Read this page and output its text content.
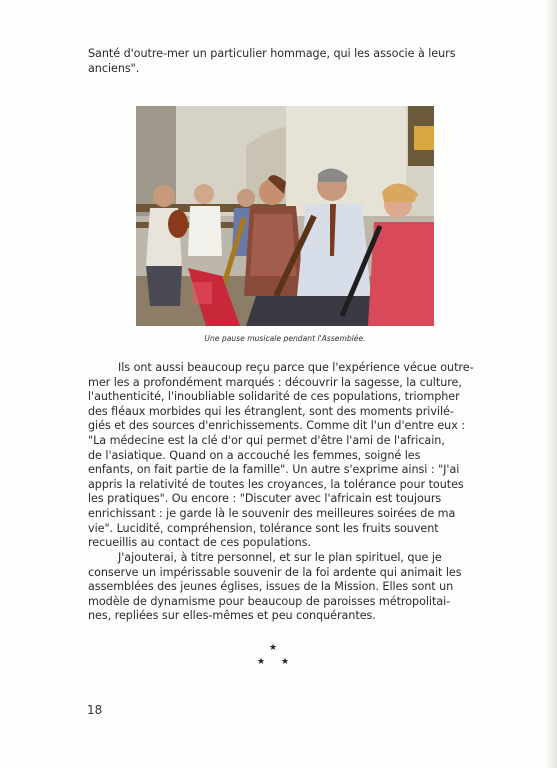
Santé d'outre-mer un particulier hommage, qui les associe à leurs
anciens".
Une pause musicale pendant l'Assemblée.
Ils ont aussi beaucoup reçu parce que l'expérience vécue outre-
mer les a profondément marqués : découvrir la sagesse, la culture,
l'authenticité, l'inoubliable solidarité de ces populations, triompher
des fléaux morbides qui les étranglent, sont des moments privilé-
giés et des sources d'enrichissements. Comme dit l'un d'entre eux :
"La médecine est la clé d'or qui permet d'être l'ami de l'africain,
de l'asiatique. Quand on a accouché les femmes, soigné les
enfants, on fait partie de la famille". Un autre s'exprime ainsi : "J'ai
appris la relativité de toutes les croyances, la tolérance pour toutes
les pratiques". Ou encore : "Discuter avec l'africain est toujours
enrichissant : je garde là le souvenir des meilleures soirées de ma
vie". Lucidité, compréhension, tolérance sont les fruits souvent
recueillis au contact de ces populations.
J'ajouterai, à titre personnel, et sur le plan spirituel, que je
conserve un impérissable souvenir de la foi ardente qui animait les
assemblées des jeunes églises, issues de la Mission. Elles sont un
modèle de dynamisme pour beaucoup de paroisses métropolitai-
nes, repliées sur elles-mêmes et peu conquérantes.
★
★ ★
18
